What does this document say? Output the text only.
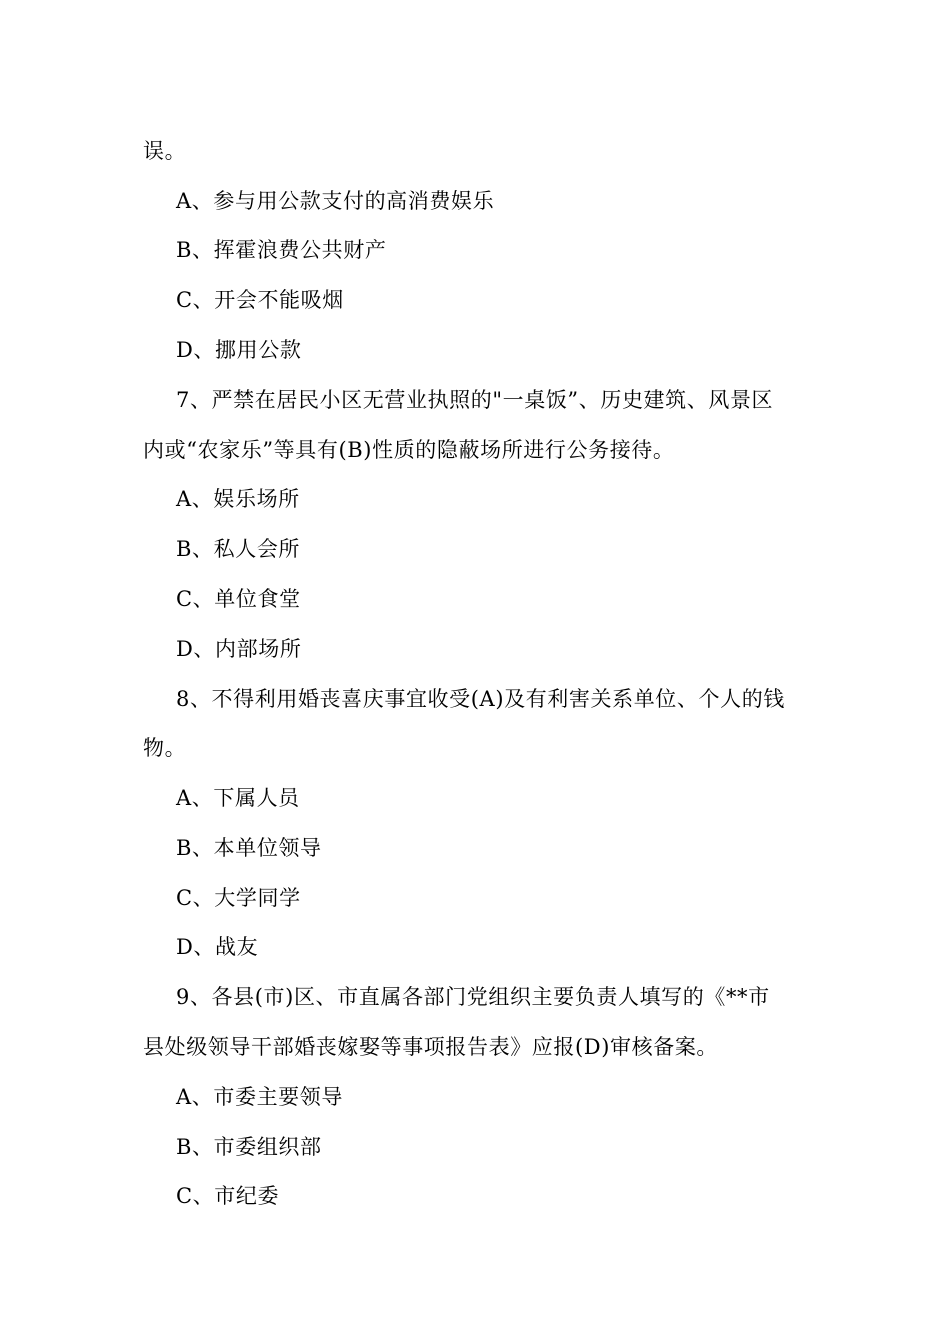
误。
A、参与用公款支付的高消费娱乐
B、挥霍浪费公共财产
C、开会不能吸烟
D、挪用公款
7、严禁在居民小区无营业执照的"一桌饭”、历史建筑、风景区
内或“农家乐”等具有(B)性质的隐蔽场所进行公务接待。
A、娱乐场所
B、私人会所
C、单位食堂
D、内部场所
8、不得利用婚丧喜庆事宜收受(A)及有利害关系单位、个人的钱
物。
A、下属人员
B、本单位领导
C、大学同学
D、战友
9、各县(市)区、市直属各部门党组织主要负责人填写的《**市
县处级领导干部婚丧嫁娶等事项报告表》应报(D)审核备案。
A、市委主要领导
B、市委组织部
C、市纪委
